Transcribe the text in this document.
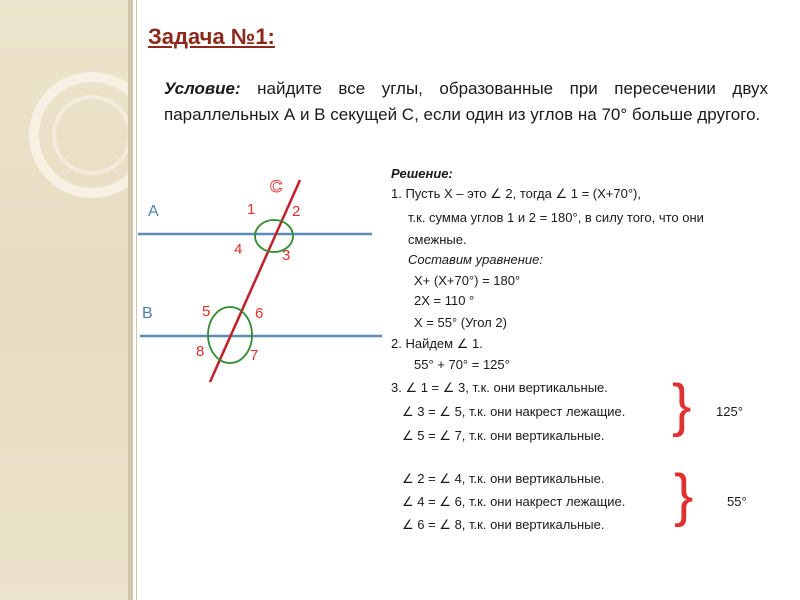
Задача №1:
Условие: найдите все углы, образованные при пересечении двух параллельных А и В секущей С, если один из углов на 70° больше другого.
А
В
С
1 2
3
4
5	6
7
8
Решение:
1. Пусть Х – это ∠ 2, тогда ∠ 1 = (Х+70°),
т.к. сумма углов 1 и 2 = 180°, в силу того, что они
смежные.
Составим уравнение:
Х+ (Х+70°) = 180°
2Х = 110 °
Х = 55° (Угол 2)
2. Найдем ∠ 1.
55° + 70° = 125°
3. ∠ 1 = ∠ 3, т.к. они вертикальные.
∠ 3 = ∠ 5, т.к. они накрест лежащие.
∠ 5 = ∠ 7, т.к. они вертикальные.
∠ 2 = ∠ 4, т.к. они вертикальные.
∠ 4 = ∠ 6, т.к. они накрест лежащие.
∠ 6 = ∠ 8, т.к. они вертикальные.
} 125°
}	55°
